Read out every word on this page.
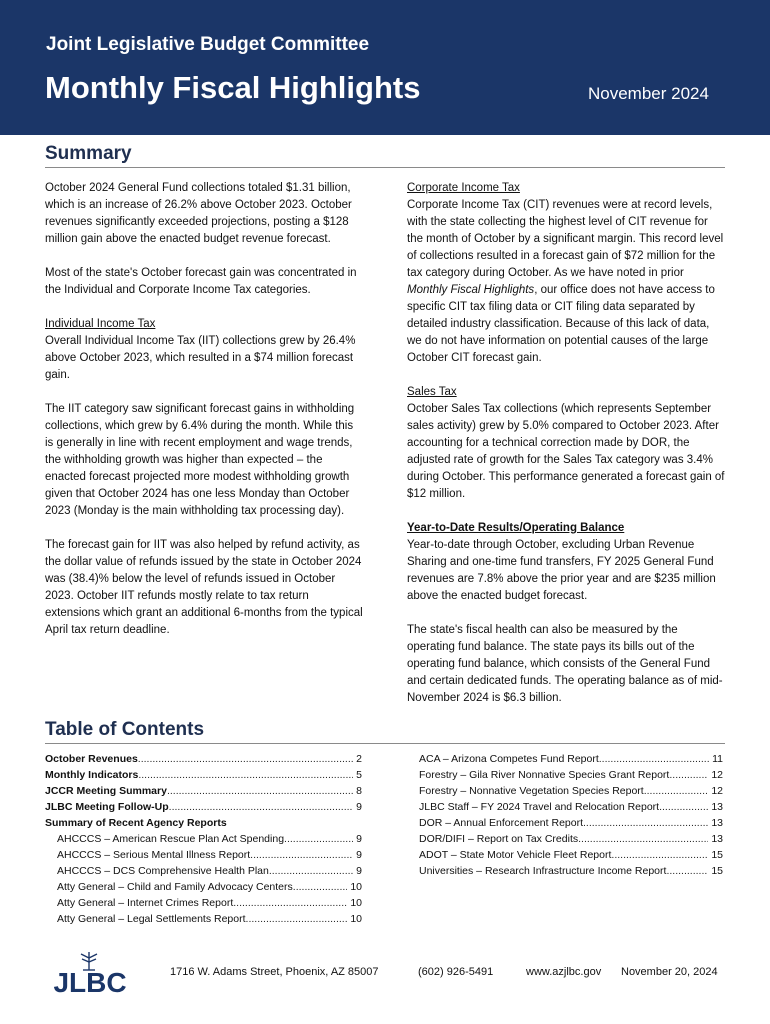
Joint Legislative Budget Committee
Monthly Fiscal Highlights	November 2024
Summary

October 2024 General Fund collections totaled $1.31 billion, which is an increase of 26.2% above October 2023. October revenues significantly exceeded projections, posting a $128 million gain above the enacted budget revenue forecast.

Most of the state's October forecast gain was concentrated in the Individual and Corporate Income Tax categories.

Individual Income Tax
Overall Individual Income Tax (IIT) collections grew by 26.4% above October 2023, which resulted in a $74 million forecast gain.

The IIT category saw significant forecast gains in withholding collections, which grew by 6.4% during the month. While this is generally in line with recent employment and wage trends, the withholding growth was higher than expected – the enacted forecast projected more modest withholding growth given that October 2024 has one less Monday than October 2023 (Monday is the main withholding tax processing day).

The forecast gain for IIT was also helped by refund activity, as the dollar value of refunds issued by the state in October 2024 was (38.4)% below the level of refunds issued in October 2023. October IIT refunds mostly relate to tax return extensions which grant an additional 6-months from the typical April tax return deadline.

Corporate Income Tax
Corporate Income Tax (CIT) revenues were at record levels, with the state collecting the highest level of CIT revenue for the month of October by a significant margin. This record level of collections resulted in a forecast gain of $72 million for the tax category during October. As we have noted in prior Monthly Fiscal Highlights, our office does not have access to specific CIT tax filing data or CIT filing data separated by detailed industry classification. Because of this lack of data, we do not have information on potential causes of the large October CIT forecast gain.

Sales Tax
October Sales Tax collections (which represents September sales activity) grew by 5.0% compared to October 2023. After accounting for a technical correction made by DOR, the adjusted rate of growth for the Sales Tax category was 3.4% during October. This performance generated a forecast gain of $12 million.

Year-to-Date Results/Operating Balance
Year-to-date through October, excluding Urban Revenue Sharing and one-time fund transfers, FY 2025 General Fund revenues are 7.8% above the prior year and are $235 million above the enacted budget forecast.

The state's fiscal health can also be measured by the operating fund balance. The state pays its bills out of the operating fund balance, which consists of the General Fund and certain dedicated funds. The operating balance as of mid-November 2024 is $6.3 billion.

Table of Contents
October Revenues .....	2
Monthly Indicators .....	5
JCCR Meeting Summary .....	8
JLBC Meeting Follow-Up .....	9
Summary of Recent Agency Reports
AHCCCS – American Rescue Plan Act Spending .....	9
AHCCCS – Serious Mental Illness Report .....	9
AHCCCS – DCS Comprehensive Health Plan .....	9
Atty General – Child and Family Advocacy Centers .....	10
Atty General – Internet Crimes Report .....	10
Atty General – Legal Settlements Report .....	10
ACA – Arizona Competes Fund Report .....	11
Forestry – Gila River Nonnative Species Grant Report .....	12
Forestry – Nonnative Vegetation Species Report .....	12
JLBC Staff – FY 2024 Travel and Relocation Report .....	13
DOR – Annual Enforcement Report .....	13
DOR/DIFI – Report on Tax Credits .....	13
ADOT – State Motor Vehicle Fleet Report .....	15
Universities – Research Infrastructure Income Report .....	15
JLBC	1716 W. Adams Street, Phoenix, AZ 85007	(602) 926-5491	www.azjlbc.gov November 20, 2024
